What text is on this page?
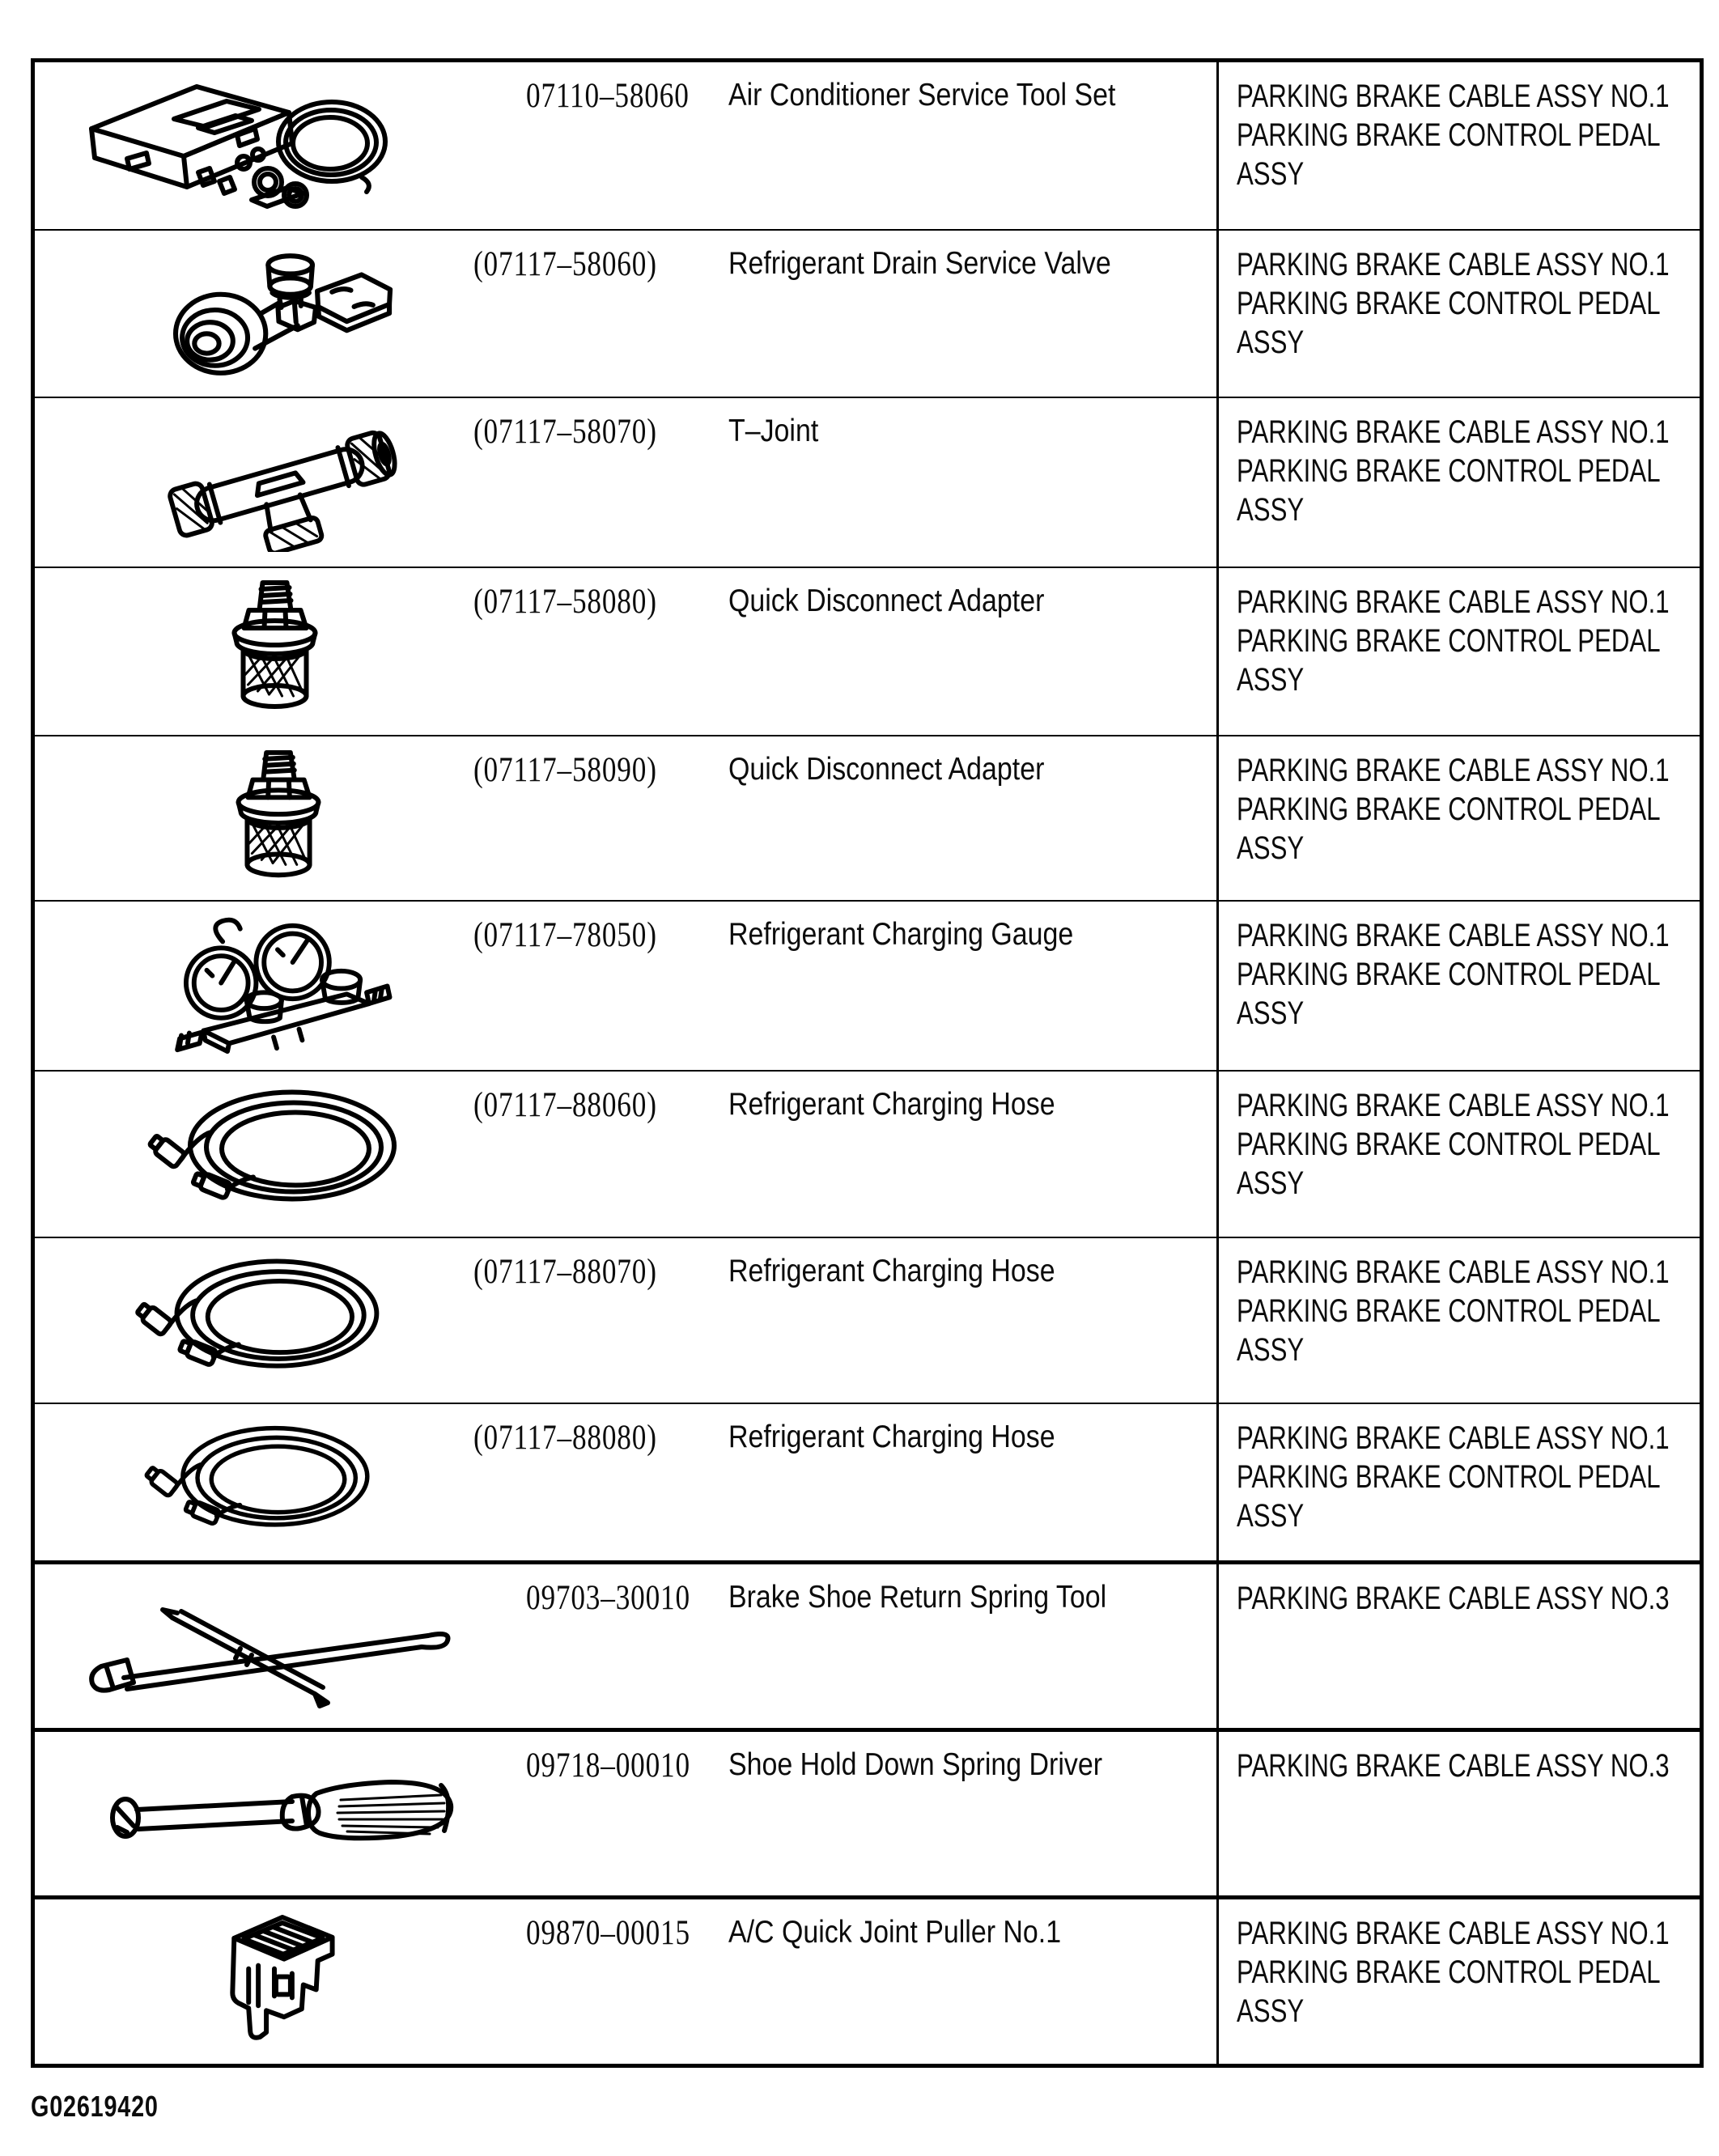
07110–58060 Air Conditioner Service Tool Set	PARKING BRAKE CABLE ASSY NO.1
PARKING BRAKE CONTROL PEDAL ASSY
(07117–58060) Refrigerant Drain Service Valve	PARKING BRAKE CABLE ASSY NO.1
PARKING BRAKE CONTROL PEDAL ASSY
(07117–58070) T–Joint	PARKING BRAKE CABLE ASSY NO.1
PARKING BRAKE CONTROL PEDAL ASSY
(07117–58080) Quick Disconnect Adapter	PARKING BRAKE CABLE ASSY NO.1
PARKING BRAKE CONTROL PEDAL ASSY
(07117–58090) Quick Disconnect Adapter	PARKING BRAKE CABLE ASSY NO.1
PARKING BRAKE CONTROL PEDAL ASSY
(07117–78050) Refrigerant Charging Gauge	PARKING BRAKE CABLE ASSY NO.1
PARKING BRAKE CONTROL PEDAL ASSY
(07117–88060) Refrigerant Charging Hose	PARKING BRAKE CABLE ASSY NO.1
PARKING BRAKE CONTROL PEDAL ASSY
(07117–88070) Refrigerant Charging Hose	PARKING BRAKE CABLE ASSY NO.1
PARKING BRAKE CONTROL PEDAL ASSY
(07117–88080) Refrigerant Charging Hose	PARKING BRAKE CABLE ASSY NO.1
PARKING BRAKE CONTROL PEDAL ASSY
09703–30010 Brake Shoe Return Spring Tool	PARKING BRAKE CABLE ASSY NO.3
09718–00010 Shoe Hold Down Spring Driver	PARKING BRAKE CABLE ASSY NO.3
09870–00015 A/C Quick Joint Puller No.1	PARKING BRAKE CABLE ASSY NO.1
PARKING BRAKE CONTROL PEDAL ASSY
G02619420
